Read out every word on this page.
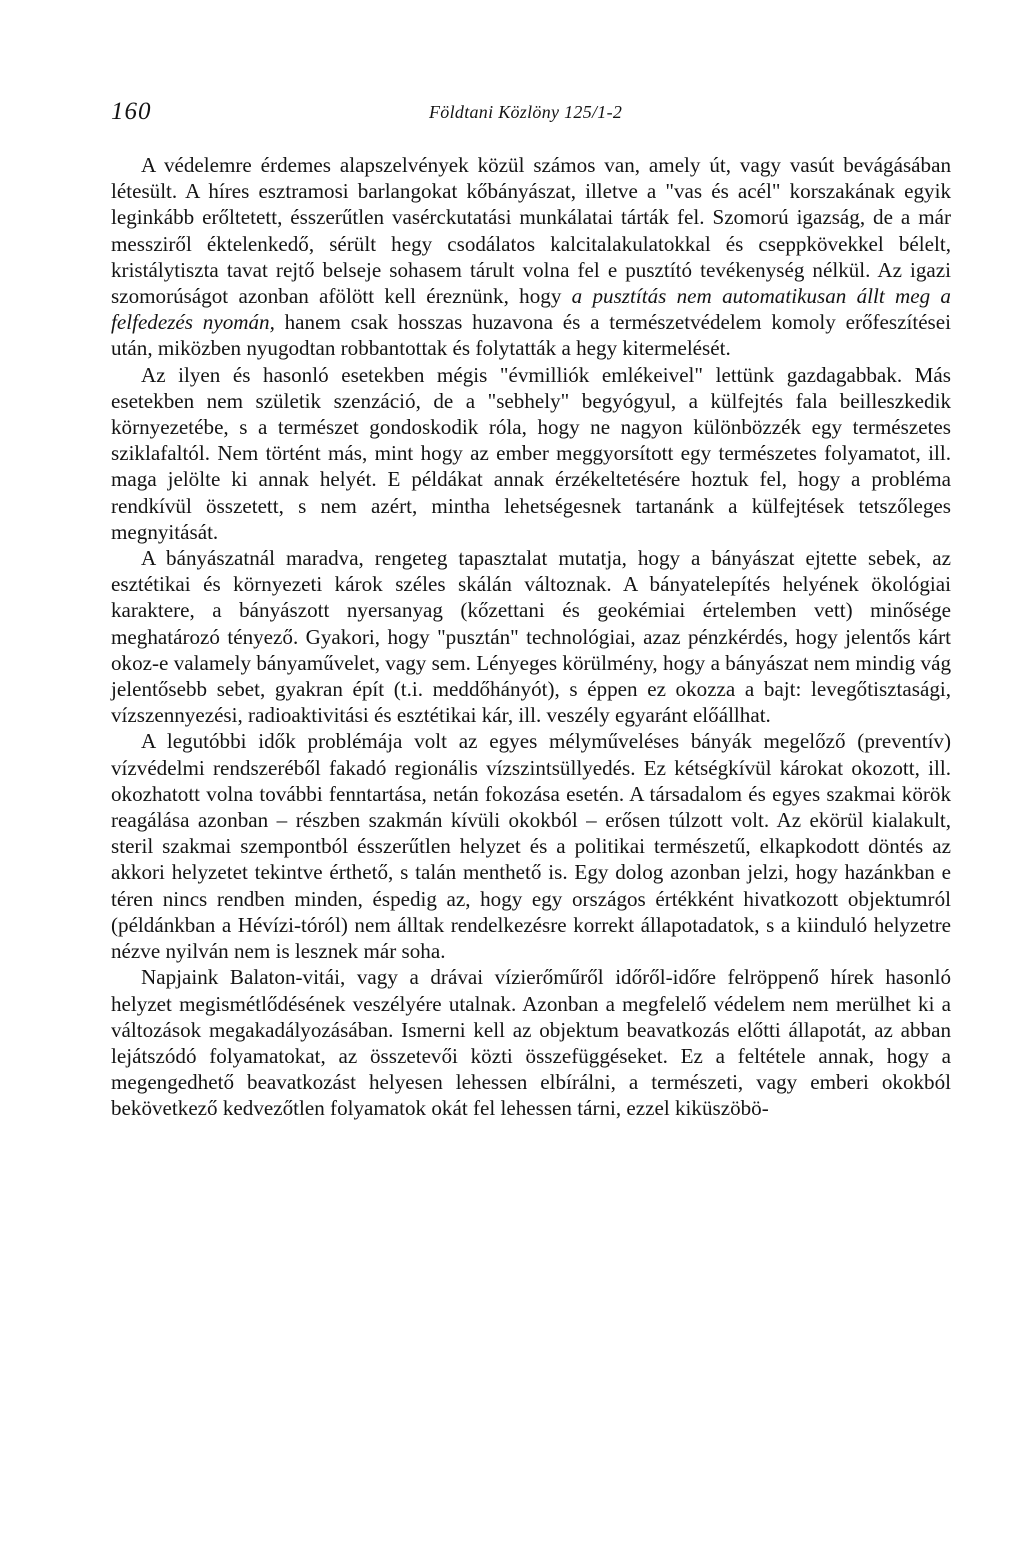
160	Földtani Közlöny 125/1-2

A védelemre érdemes alapszelvények közül számos van, amely út, vagy vasút bevágásában létesült. A híres esztramosi barlangokat kőbányászat, illetve a "vas és acél" korszakának egyik leginkább erőltetett, ésszerűtlen vasérckutatási munkálatai tárták fel. Szomorú igazság, de a már messziről éktelenkedő, sérült hegy csodálatos kalcitalakulatokkal és cseppkövekkel bélelt, kristálytiszta tavat rejtő belseje sohasem tárult volna fel e pusztító tevékenység nélkül. Az igazi szomorúságot azonban afölött kell éreznünk, hogy a pusztítás nem automatikusan állt meg a felfedezés nyomán, hanem csak hosszas huzavona és a természetvédelem komoly erőfeszítései után, miközben nyugodtan robbantottak és folytatták a hegy kitermelését.

Az ilyen és hasonló esetekben mégis "évmilliók emlékeivel" lettünk gazdagabbak. Más esetekben nem születik szenzáció, de a "sebhely" begyógyul, a külfejtés fala beilleszkedik környezetébe, s a természet gondoskodik róla, hogy ne nagyon különbözzék egy természetes sziklafaltól. Nem történt más, mint hogy az ember meggyorsított egy természetes folyamatot, ill. maga jelölte ki annak helyét. E példákat annak érzékeltetésére hoztuk fel, hogy a probléma rendkívül összetett, s nem azért, mintha lehetségesnek tartanánk a külfejtések tetszőleges megnyitását.

A bányászatnál maradva, rengeteg tapasztalat mutatja, hogy a bányászat ejtette sebek, az esztétikai és környezeti károk széles skálán változnak. A bányatelepítés helyének ökológiai karaktere, a bányászott nyersanyag (kőzettani és geokémiai értelemben vett) minősége meghatározó tényező. Gyakori, hogy "pusztán" technológiai, azaz pénzkérdés, hogy jelentős kárt okoz-e valamely bányaművelet, vagy sem. Lényeges körülmény, hogy a bányászat nem mindig vág jelentősebb sebet, gyakran épít (t.i. meddőhányót), s éppen ez okozza a bajt: levegőtisztasági, vízszennyezési, radioaktivitási és esztétikai kár, ill. veszély egyaránt előállhat.

A legutóbbi idők problémája volt az egyes mélyműveléses bányák megelőző (preventív) vízvédelmi rendszeréből fakadó regionális vízszintsüllyedés. Ez kétségkívül károkat okozott, ill. okozhatott volna további fenntartása, netán fokozása esetén. A társadalom és egyes szakmai körök reagálása azonban – részben szakmán kívüli okokból – erősen túlzott volt. Az ekörül kialakult, steril szakmai szempontból ésszerűtlen helyzet és a politikai természetű, elkapkodott döntés az akkori helyzetet tekintve érthető, s talán menthető is. Egy dolog azonban jelzi, hogy hazánkban e téren nincs rendben minden, éspedig az, hogy egy országos értékként hivatkozott objektumról (példánkban a Hévízi-tóról) nem álltak rendelkezésre korrekt állapotadatok, s a kiinduló helyzetre nézve nyilván nem is lesznek már soha.

Napjaink Balaton-vitái, vagy a drávai vízierőműről időről-időre felröppenő hírek hasonló helyzet megismétlődésének veszélyére utalnak. Azonban a megfelelő védelem nem merülhet ki a változások megakadályozásában. Ismerni kell az objektum beavatkozás előtti állapotát, az abban lejátszódó folyamatokat, az összetevői közti összefüggéseket. Ez a feltétele annak, hogy a megengedhető beavatkozást helyesen lehessen elbírálni, a természeti, vagy emberi okokból bekövetkező kedvezőtlen folyamatok okát fel lehessen tárni, ezzel kiküszöbö-
